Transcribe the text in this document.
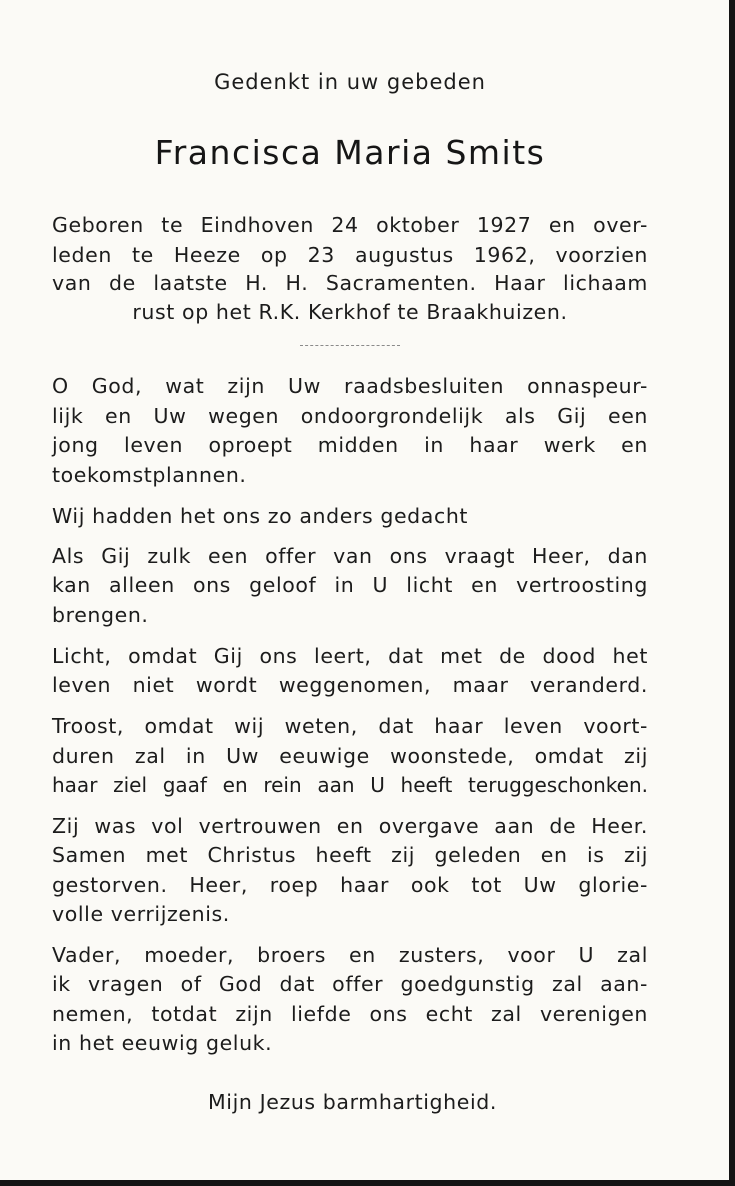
Gedenkt in uw gebeden
Francisca Maria Smits
Geboren te Eindhoven 24 oktober 1927 en over-
leden te Heeze op 23 augustus 1962, voorzien
van de laatste H. H. Sacramenten. Haar lichaam
rust op het R.K. Kerkhof te Braakhuizen.
O God, wat zijn Uw raadsbesluiten onnaspeur-
lijk en Uw wegen ondoorgrondelijk als Gij een
jong leven oproept midden in haar werk en
toekomstplannen.
Wij hadden het ons zo anders gedacht
Als Gij zulk een offer van ons vraagt Heer, dan
kan alleen ons geloof in U licht en vertroosting
brengen.
Licht, omdat Gij ons leert, dat met de dood het
leven niet wordt weggenomen, maar veranderd.
Troost, omdat wij weten, dat haar leven voort-
duren zal in Uw eeuwige woonstede, omdat zij
haar ziel gaaf en rein aan U heeft teruggeschonken.
Zij was vol vertrouwen en overgave aan de Heer.
Samen met Christus heeft zij geleden en is zij
gestorven. Heer, roep haar ook tot Uw glorie-
volle verrijzenis.
Vader, moeder, broers en zusters, voor U zal
ik vragen of God dat offer goedgunstig zal aan-
nemen, totdat zijn liefde ons echt zal verenigen
in het eeuwig geluk.
Mijn Jezus barmhartigheid.
